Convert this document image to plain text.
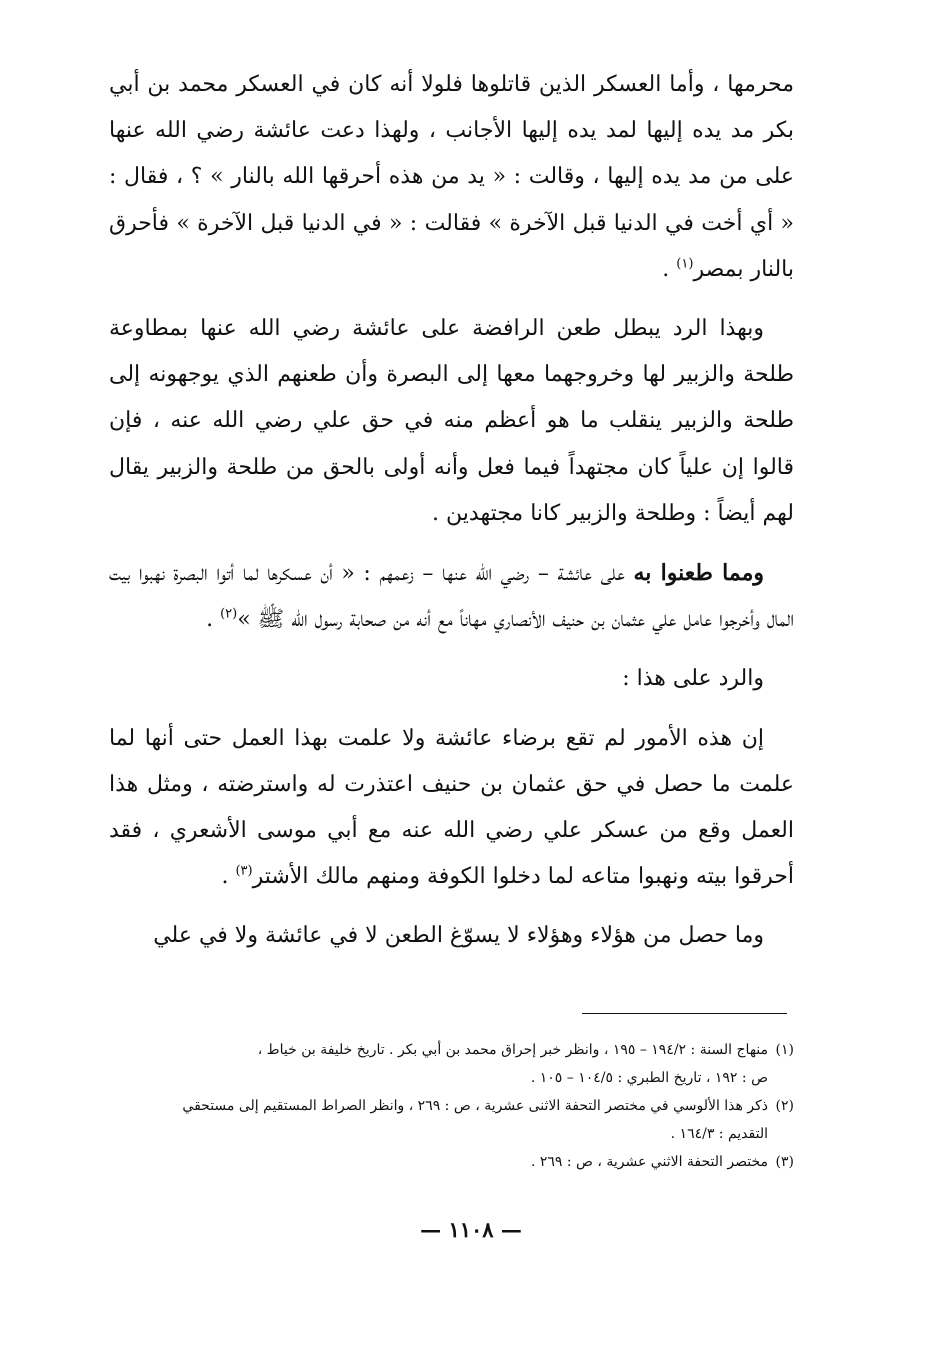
محرمها ، وأما العسكر الذين قاتلوها فلولا أنه كان في العسكر محمد بن أبي بكر مد يده إليها لمد يده إليها الأجانب ، ولهذا دعت عائشة رضي الله عنها على من مد يده إليها ، وقالت : « يد من هذه أحرقها الله بالنار » ؟ ، فقال : « أي أخت في الدنيا قبل الآخرة » فقالت : « في الدنيا قبل الآخرة » فأحرق بالنار بمصر$^{(١)}$ .

وبهذا الرد يبطل طعن الرافضة على عائشة رضي الله عنها بمطاوعة طلحة والزبير لها وخروجهما معها إلى البصرة وأن طعنهم الذي يوجهونه إلى طلحة والزبير ينقلب ما هو أعظم منه في حق علي رضي الله عنه ، فإن قالوا إن علياً كان مجتهداً فيما فعل وأنه أولى بالحق من طلحة والزبير يقال لهم أيضاً : وطلحة والزبير كانا مجتهدين .

ومما طعنوا به على عائشة – رضي الله عنها – زعمهم : « أن عسكرها لما أتوا البصرة نهبوا بيت المال وأخرجوا عامل علي عثمان بن حنيف الأنصاري مهاناً مع أنه من صحابة رسول الله ﷺ »$^{(٢)}$ .

والرد على هذا :

إن هذه الأمور لم تقع برضاء عائشة ولا علمت بهذا العمل حتى أنها لما علمت ما حصل في حق عثمان بن حنيف اعتذرت له واسترضته ، ومثل هذا العمل وقع من عسكر علي رضي الله عنه مع أبي موسى الأشعري ، فقد أحرقوا بيته ونهبوا متاعه لما دخلوا الكوفة ومنهم مالك الأشتر$^{(٣)}$ .

وما حصل من هؤلاء وهؤلاء لا يسوّغ الطعن لا في عائشة ولا في علي

(١)منهاج السنة : ١٩٤/٢ – ١٩٥ ، وانظر خبر إحراق محمد بن أبي بكر . تاريخ خليفة بن خياط ،

ص : ١٩٢ ، تاريخ الطبري : ١٠٤/٥ – ١٠٥ .

(٢)ذكر هذا الألوسي في مختصر التحفة الاثنى عشرية ، ص : ٢٦٩ ، وانظر الصراط المستقيم إلى مستحقي

التقديم : ١٦٤/٣ .

(٣)مختصر التحفة الاثني عشرية ، ص : ٢٦٩ .

— ١١٠٨ —
